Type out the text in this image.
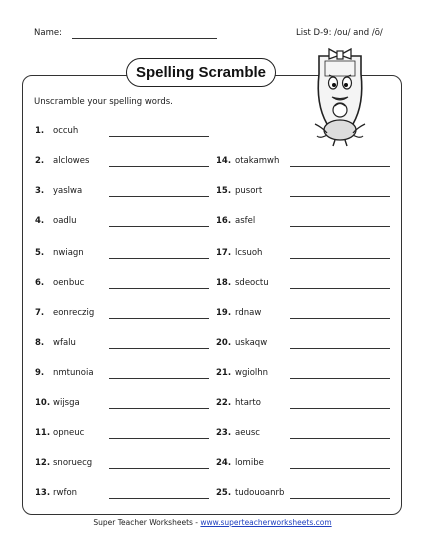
Name:	List D-9: /ou/ and /ō/
Spelling Scramble
Unscramble your spelling words.
1. occuh
2. alclowes
3. yaslwa
4. oadlu
5. nwiagn
6. oenbuc
7. eonreczig
8. wfalu
9. nmtunoia
10. wijsga
11. opneuc
12. snoruecg
13. rwfon
14. otakamwh
15. pusort
16. asfel
17. lcsuoh
18. sdeoctu
19. rdnaw
20. uskaqw
21. wgiolhn
22. htarto
23. aeusc
24. lomibe
25. tudouoanrb
Super Teacher Worksheets - www.superteacherworksheets.com
